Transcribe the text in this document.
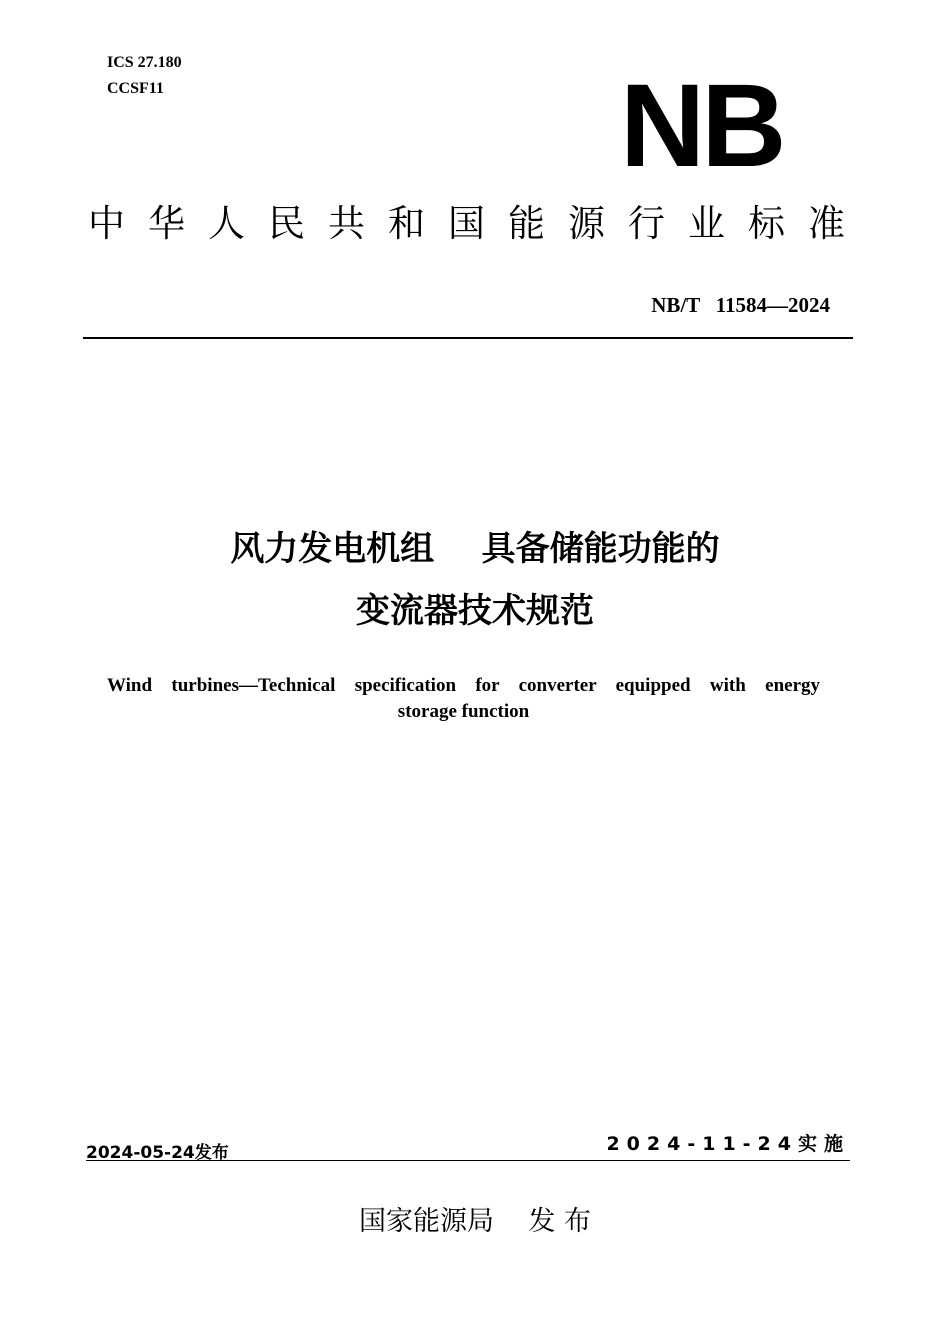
ICS 27.180
CCSF11	NB
中华人民共和国能源行业标准
NB/T   11584—2024
风力发电机组    具备储能功能的
变流器技术规范
Wind turbines—Technical specification for converter equipped with energy
storage function
2024-05-24发布	2024-11-24实施
国家能源局    发 布
